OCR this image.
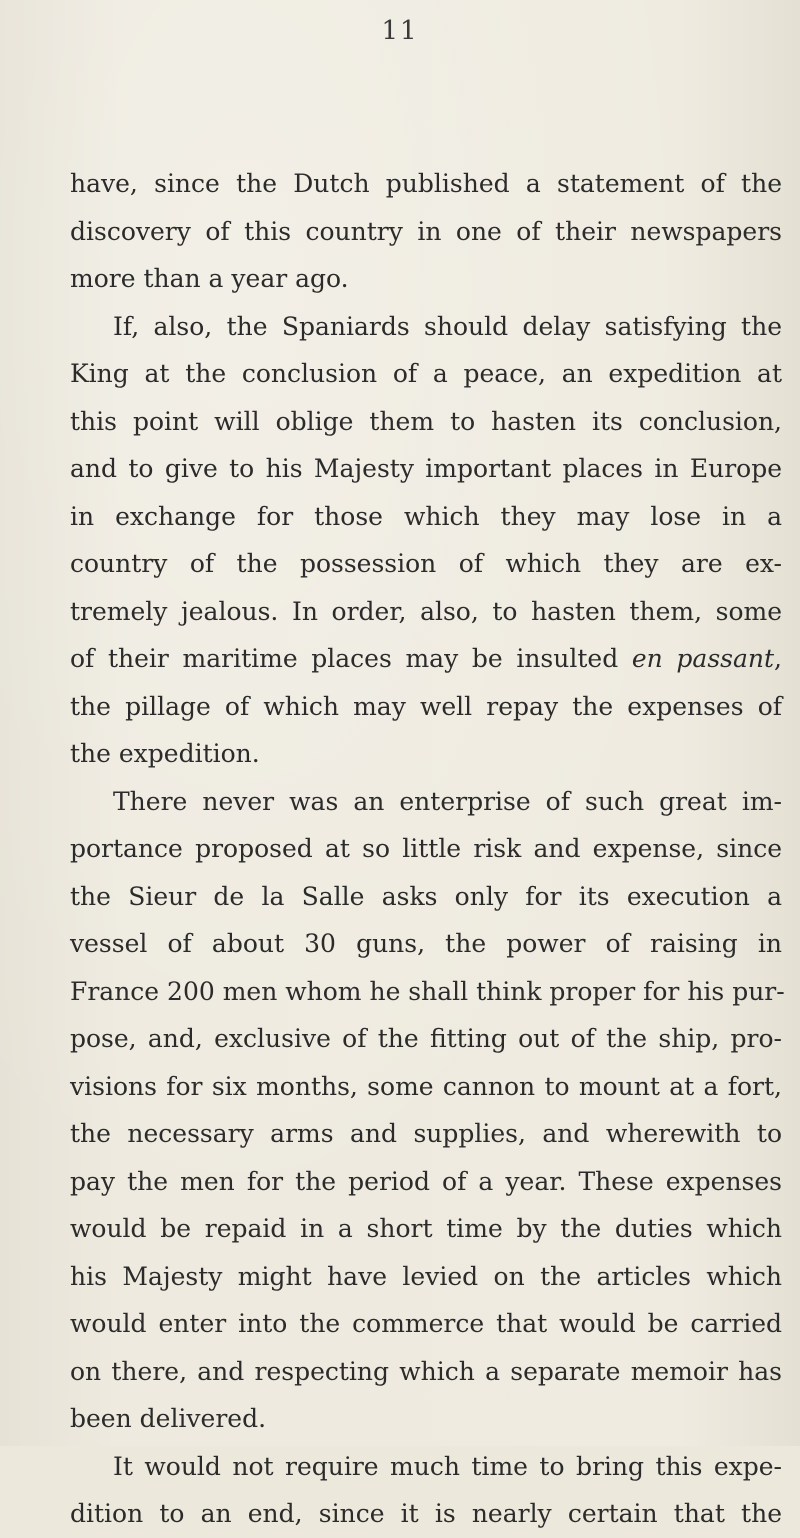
11
have, since the Dutch published a statement of the
discovery of this country in one of their newspapers
more than a year ago.
If, also, the Spaniards should delay satisfying the
King at the conclusion of a peace, an expedition at
this point will oblige them to hasten its conclusion,
and to give to his Majesty important places in Europe
in exchange for those which they may lose in a
country of the possession of which they are ex-
tremely jealous. In order, also, to hasten them, some
of their maritime places may be insulted en passant,
the pillage of which may well repay the expenses of
the expedition.
There never was an enterprise of such great im-
portance proposed at so little risk and expense, since
the Sieur de la Salle asks only for its execution a
vessel of about 30 guns, the power of raising in
France 200 men whom he shall think proper for his pur-
pose, and, exclusive of the fitting out of the ship, pro-
visions for six months, some cannon to mount at a fort,
the necessary arms and supplies, and wherewith to
pay the men for the period of a year. These expenses
would be repaid in a short time by the duties which
his Majesty might have levied on the articles which
would enter into the commerce that would be carried
on there, and respecting which a separate memoir has
been delivered.
It would not require much time to bring this expe-
dition to an end, since it is nearly certain that the
